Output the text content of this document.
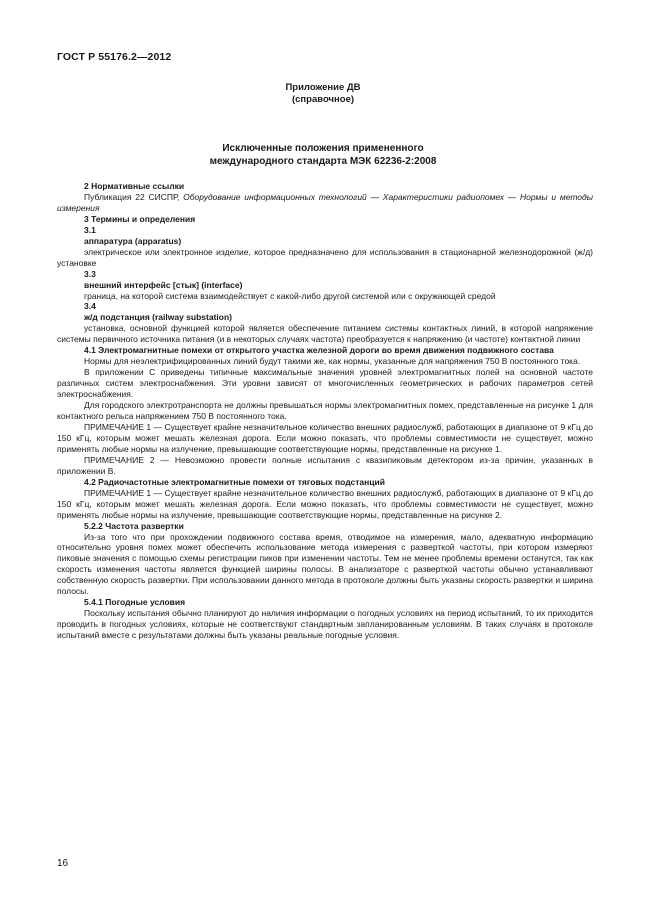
ГОСТ Р 55176.2—2012
Приложение ДВ
(справочное)
Исключенные положения примененного
международного стандарта МЭК 62236-2:2008

2 Нормативные ссылки

Публикация 22 СИСПР, Оборудование информационных технологий — Характеристики радиопомех — Нормы и методы измерения

3 Термины и определения

3.1

аппаратура (apparatus)

электрическое или электронное изделие, которое предназначено для использования в стационарной железнодорожной (ж/д) установке

3.3

внешний интерфейс [стык] (interface)

граница, на которой система взаимодействует с какой-либо другой системой или с окружающей средой

3.4

ж/д подстанция (railway substation)

установка, основной функцией которой является обеспечение питанием системы контактных линий, в которой напряжение системы первичного источника питания (и в некоторых случаях частота) преобразуется к напряжению (и частоте) контактной линии

4.1 Электромагнитные помехи от открытого участка железной дороги во время движения подвижного состава

Нормы для неэлектрифицированных линий будут такими же, как нормы, указанные для напряжения 750 В постоянного тока.

В приложении С приведены типичные максимальные значения уровней электромагнитных полей на основной частоте различных систем электроснабжения. Эти уровни зависят от многочисленных геометрических и рабочих параметров сетей электроснабжения.

Для городского электротранспорта не должны превышаться нормы электромагнитных помех, представленные на рисунке 1 для контактного рельса напряжением 750 В постоянного тока.

ПРИМЕЧАНИЕ 1 — Существует крайне незначительное количество внешних радиослужб, работающих в диапазоне от 9 кГц до 150 кГц, которым может мешать железная дорога. Если можно показать, что проблемы совместимости не существует, можно применять любые нормы на излучение, превышающие соответствующие нормы, представленные на рисунке 1.

ПРИМЕЧАНИЕ 2 — Невозможно провести полные испытания с квазипиковым детектором из-за причин, указанных в приложении В.

4.2 Радиочастотные электромагнитные помехи от тяговых подстанций

ПРИМЕЧАНИЕ 1 — Существует крайне незначительное количество внешних радиослужб, работающих в диапазоне от 9 кГц до 150 кГц, которым может мешать железная дорога. Если можно показать, что проблемы совместимости не существует, можно применять любые нормы на излучение, превышающие соответствующие нормы, представленные на рисунке 2.

5.2.2 Частота развертки

Из-за того что при прохождении подвижного состава время, отводимое на измерения, мало, адекватную информацию относительно уровня помех может обеспечить использование метода измерения с разверткой частоты, при котором измеряют пиковые значения с помощью схемы регистрации пиков при изменении частоты. Тем не менее проблемы времени останутся, так как скорость изменения частоты является функцией ширины полосы. В анализаторе с разверткой частоты обычно устанавливают собственную скорость развертки. При использовании данного метода в протоколе должны быть указаны скорость развертки и ширина полосы.

5.4.1 Погодные условия

Поскольку испытания обычно планируют до наличия информации о погодных условиях на период испытаний, то их приходится проводить в погодных условиях, которые не соответствуют стандартным запланированным условиям. В таких случаях в протоколе испытаний вместе с результатами должны быть указаны реальные погодные условия.

16
